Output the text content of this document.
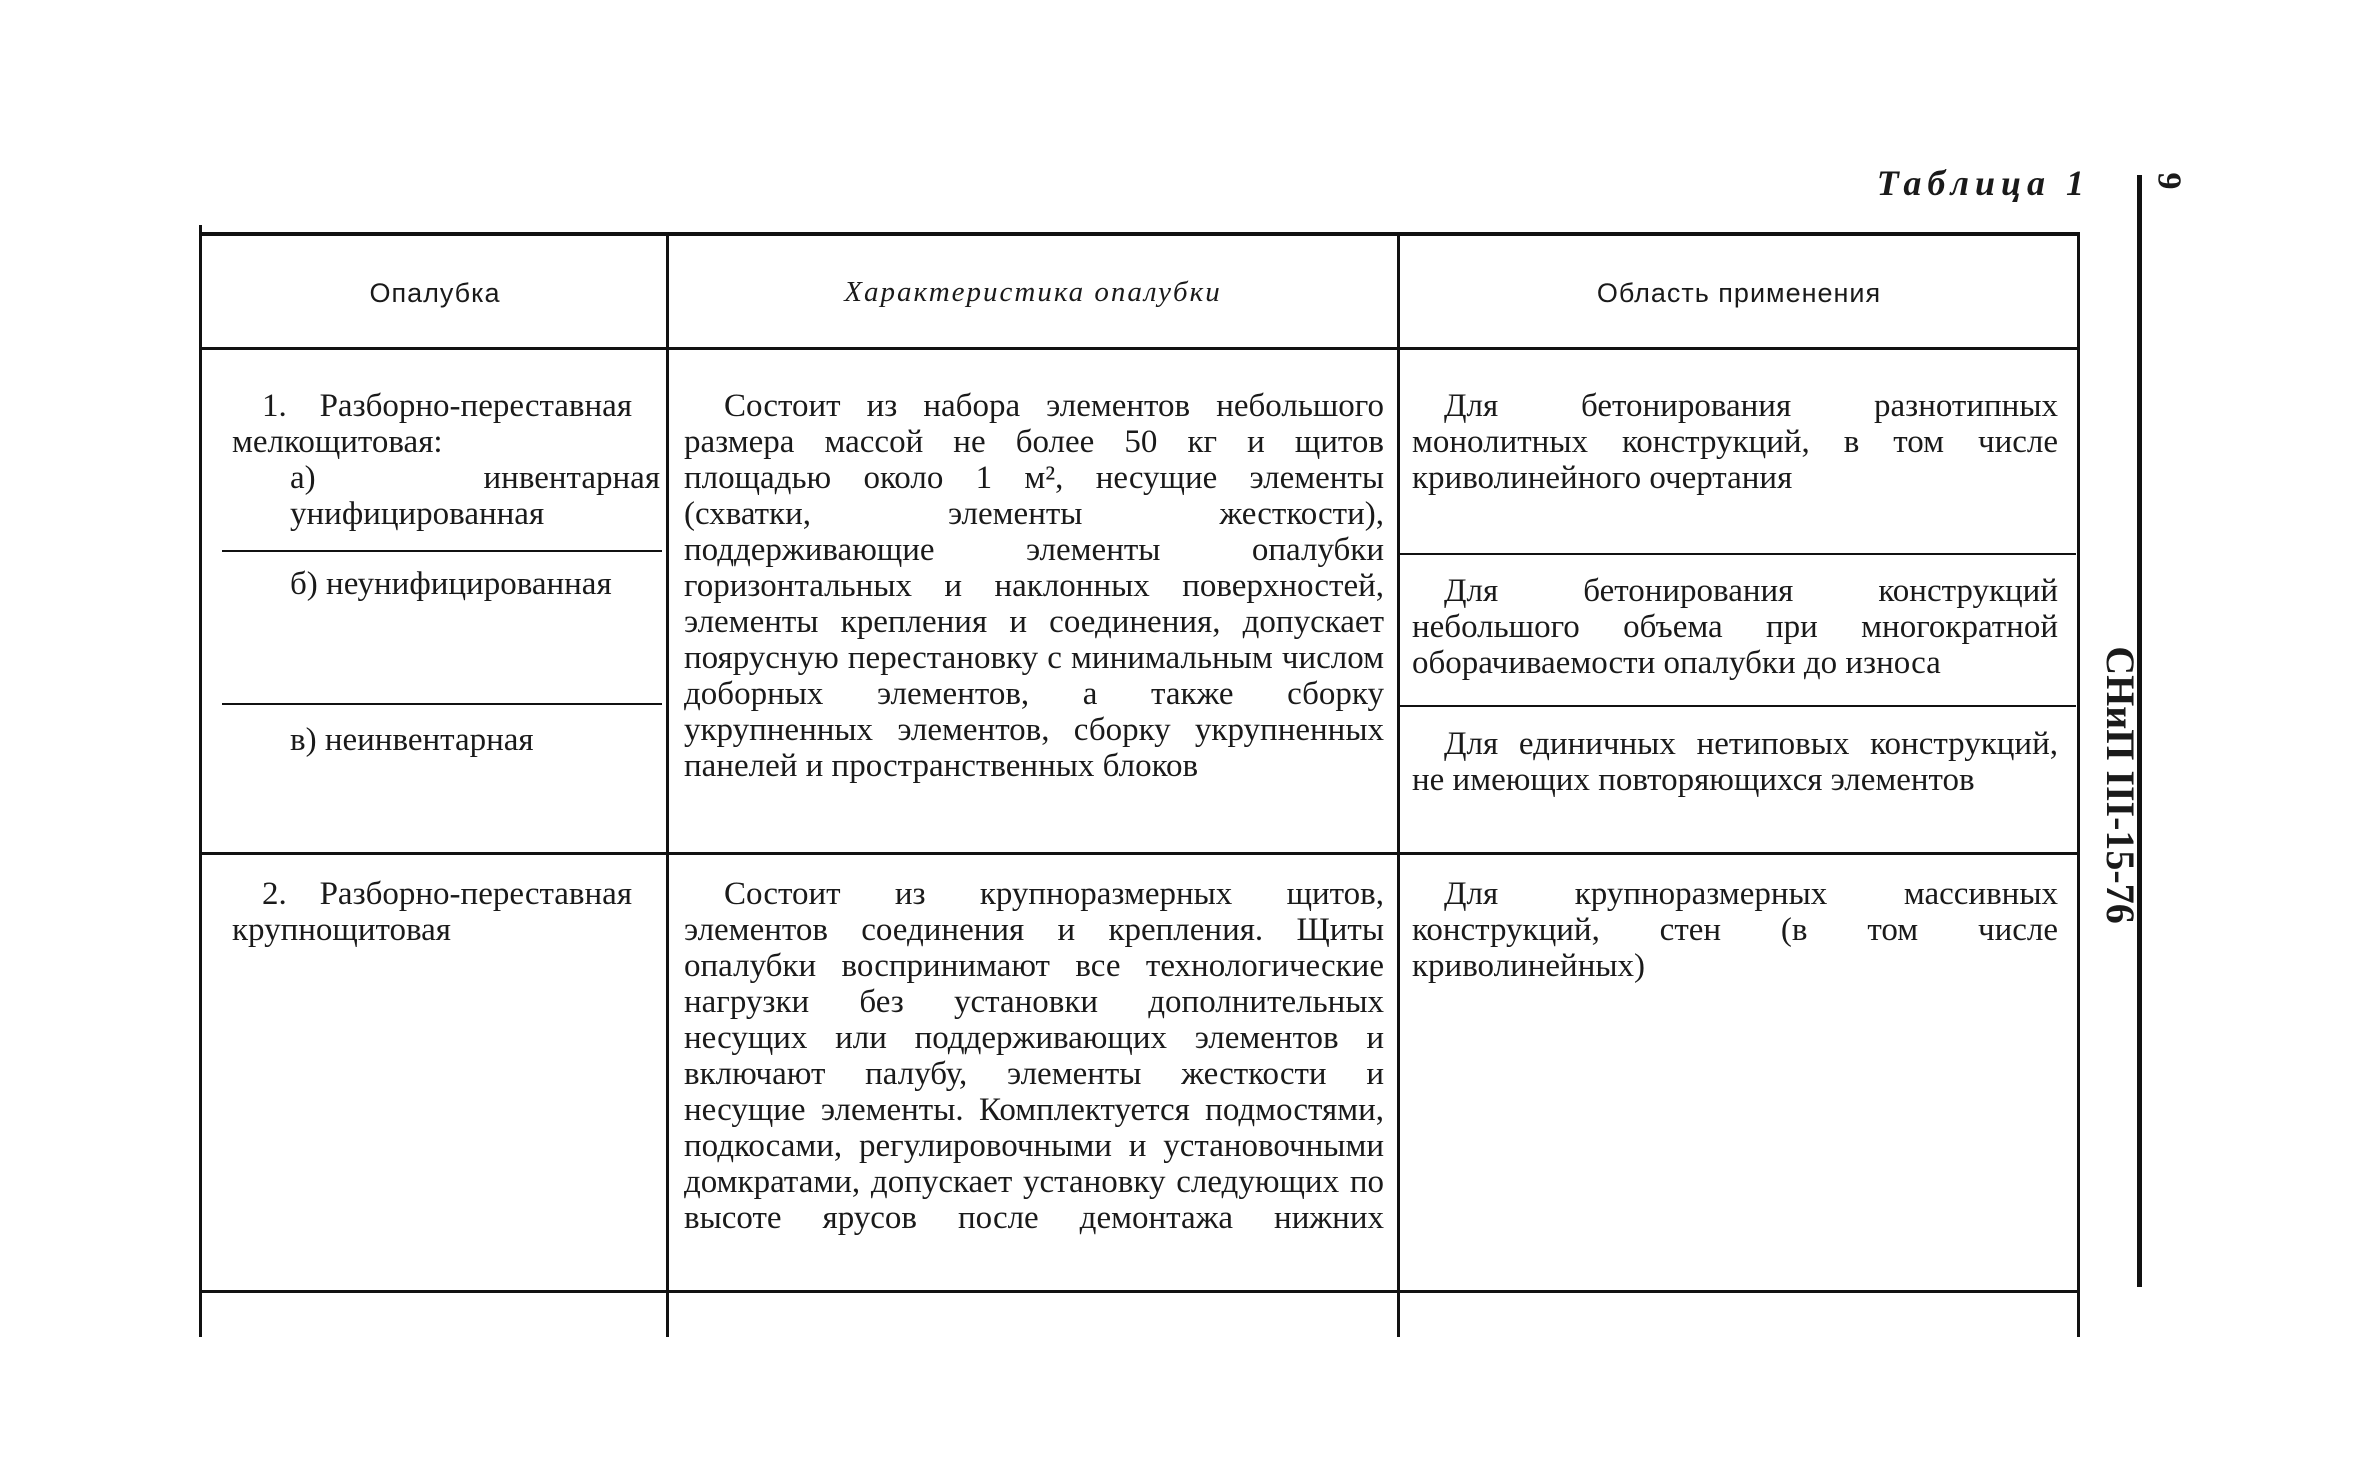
Таблица 1 9
СНиП III-15-76
Опалубка	Характеристика опалубки	Область применения
1. Разборно-переставная мелкощитовая:
а) инвентарная унифицированная
б) неунифицированная
в) неинвентарная
Состоит из набора элементов небольшого размера массой не более 50 кг и щитов площадью около 1 м², несущие элементы (схватки, элементы жесткости), поддерживающие элементы опалубки горизонтальных и наклонных поверхностей, элементы крепления и соединения, допускает поярусную перестановку с минимальным числом доборных элементов, а также сборку укрупненных элементов, сборку укрупненных панелей и пространственных блоков
Для бетонирования разнотипных монолитных конструкций, в том числе криволинейного очертания
Для бетонирования конструкций небольшого объема при многократной оборачиваемости опалубки до износа
Для единичных нетиповых конструкций, не имеющих повторяющихся элементов
2. Разборно-переставная крупнощитовая
Состоит из крупноразмерных щитов, элементов соединения и крепления. Щиты опалубки воспринимают все технологические нагрузки без установки дополнительных несущих или поддерживающих элементов и включают палубу, элементы жесткости и несущие элементы. Комплектуется подмостями, подкосами, регулировочными и установочными домкратами, допускает установку следующих по высоте ярусов после демонтажа нижних
Для крупноразмерных массивных конструкций, стен (в том числе криволинейных)
